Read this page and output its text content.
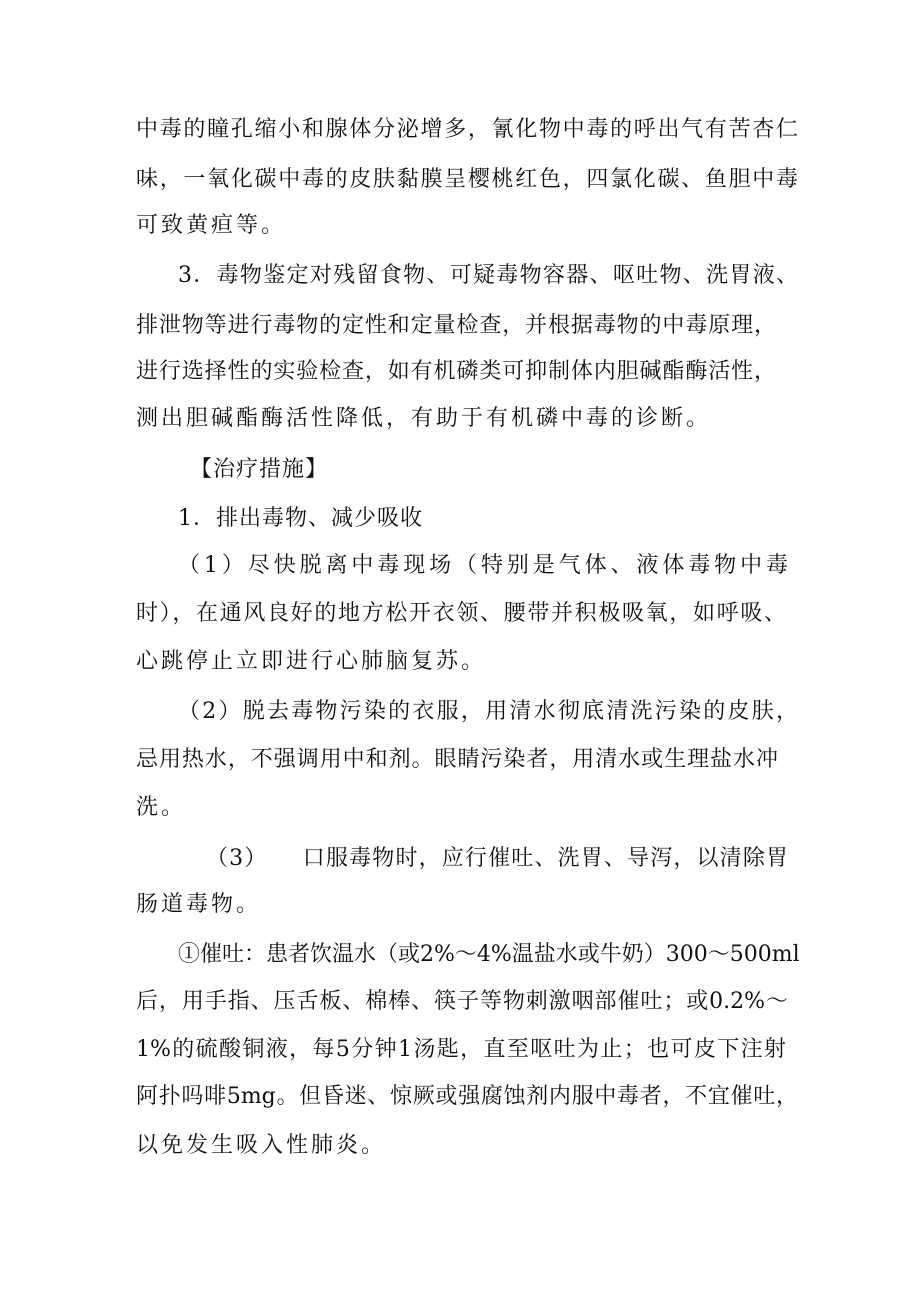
中毒的瞳孔缩小和腺体分泌增多，氰化物中毒的呼出气有苦杏仁
味，一氧化碳中毒的皮肤黏膜呈樱桃红色，四氯化碳、鱼胆中毒
可致黄疸等。
3．毒物鉴定对残留食物、可疑毒物容器、呕吐物、洗胃液、
排泄物等进行毒物的定性和定量检查，并根据毒物的中毒原理，
进行选择性的实验检查，如有机磷类可抑制体内胆碱酯酶活性，
测出胆碱酯酶活性降低，有助于有机磷中毒的诊断。
【治疗措施】
1．排出毒物、减少吸收
（1）尽快脱离中毒现场（特别是气体、液体毒物中毒
时），在通风良好的地方松开衣领、腰带并积极吸氧，如呼吸、
心跳停止立即进行心肺脑复苏。
（2）脱去毒物污染的衣服，用清水彻底清洗污染的皮肤，
忌用热水，不强调用中和剂。眼睛污染者，用清水或生理盐水冲
洗。
（3）　　口服毒物时，应行催吐、洗胃、导泻，以清除胃
肠道毒物。
①催吐：患者饮温水（或2%～4%温盐水或牛奶）300～500ml
后，用手指、压舌板、棉棒、筷子等物刺激咽部催吐；或0.2%～
1%的硫酸铜液，每5分钟1汤匙，直至呕吐为止；也可皮下注射
阿扑吗啡5mg。但昏迷、惊厥或强腐蚀剂内服中毒者，不宜催吐，
以免发生吸入性肺炎。
